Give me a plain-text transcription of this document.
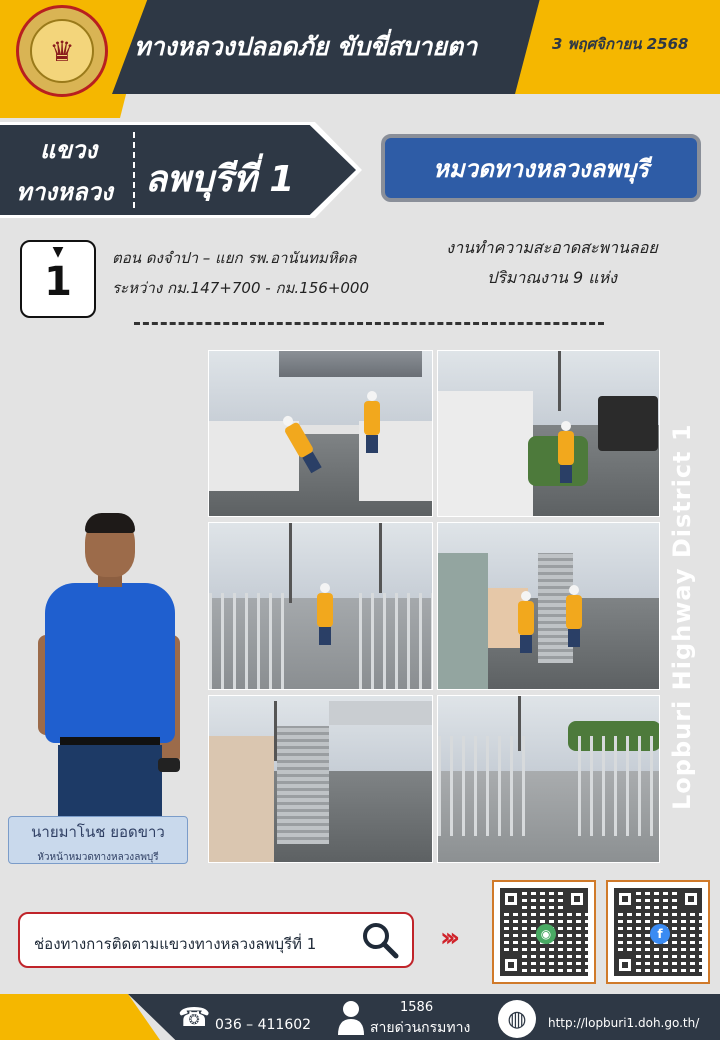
♛	ทางหลวงปลอดภัย ขับขี่สบายตา	3 พฤศจิกายน 2568
แขวง
ทางหลวง ลพบุรีที่ 1	หมวดทางหลวงลพบุรี
▼
1
ตอน ดงจำปา – แยก รพ.อานันทมหิดล
ระหว่าง กม.147+700 - กม.156+000
งานทำความสะอาดสะพานลอย
ปริมาณงาน 9 แห่ง
Lopburi Highway District 1
นายมาโนช ยอดขาว
หัวหน้าหมวดทางหลวงลพบุรี
ช่องทางการติดตามแขวงทางหลวงลพบุรีที่ 1	›››	◉	f
☎ 036 – 411602
1586
สายด่วนกรมทาง	◍	http://lopburi1.doh.go.th/
